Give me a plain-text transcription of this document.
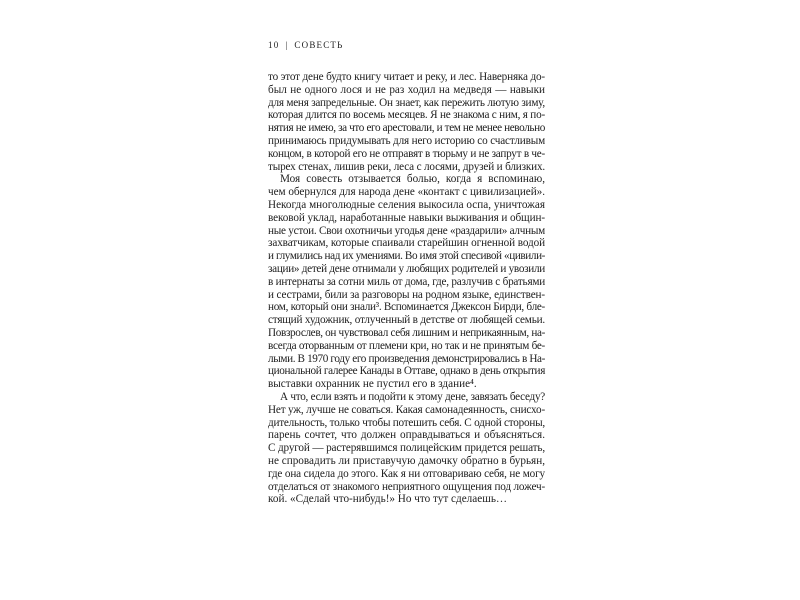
10 | СОВЕСТЬ
то этот дене будто книгу читает и реку, и лес. Наверняка до-
был не одного лося и не раз ходил на медведя — навыки
для меня запредельные. Он знает, как пережить лютую зиму,
которая длится по восемь месяцев. Я не знакома с ним, я по-
нятия не имею, за что его арестовали, и тем не менее невольно
принимаюсь придумывать для него историю со счастливым
концом, в которой его не отправят в тюрьму и не запрут в че-
тырех стенах, лишив реки, леса с лосями, друзей и близких.
Моя совесть отзывается болью, когда я вспоминаю,
чем обернулся для народа дене «контакт с цивилизацией».
Некогда многолюдные селения выкосила оспа, уничтожая
вековой уклад, наработанные навыки выживания и общин-
ные устои. Свои охотничьи угодья дене «раздарили» алчным
захватчикам, которые спаивали старейшин огненной водой
и глумились над их умениями. Во имя этой спесивой «цивили-
зации» детей дене отнимали у любящих родителей и увозили
в интернаты за сотни миль от дома, где, разлучив с братьями
и сестрами, били за разговоры на родном языке, единствен-
ном, который они знали³. Вспоминается Джексон Бирди, бле-
стящий художник, отлученный в детстве от любящей семьи.
Повзрослев, он чувствовал себя лишним и неприкаянным, на-
всегда оторванным от племени кри, но так и не принятым бе-
лыми. В 1970 году его произведения демонстрировались в На-
циональной галерее Канады в Оттаве, однако в день открытия
выставки охранник не пустил его в здание⁴.
А что, если взять и подойти к этому дене, завязать беседу?
Нет уж, лучше не соваться. Какая самонадеянность, снисхо-
дительность, только чтобы потешить себя. С одной стороны,
парень сочтет, что должен оправдываться и объясняться.
С другой — растерявшимся полицейским придется решать,
не спровадить ли приставучую дамочку обратно в бурьян,
где она сидела до этого. Как я ни отговариваю себя, не могу
отделаться от знакомого неприятного ощущения под ложеч-
кой. «Сделай что-нибудь!» Но что тут сделаешь…
